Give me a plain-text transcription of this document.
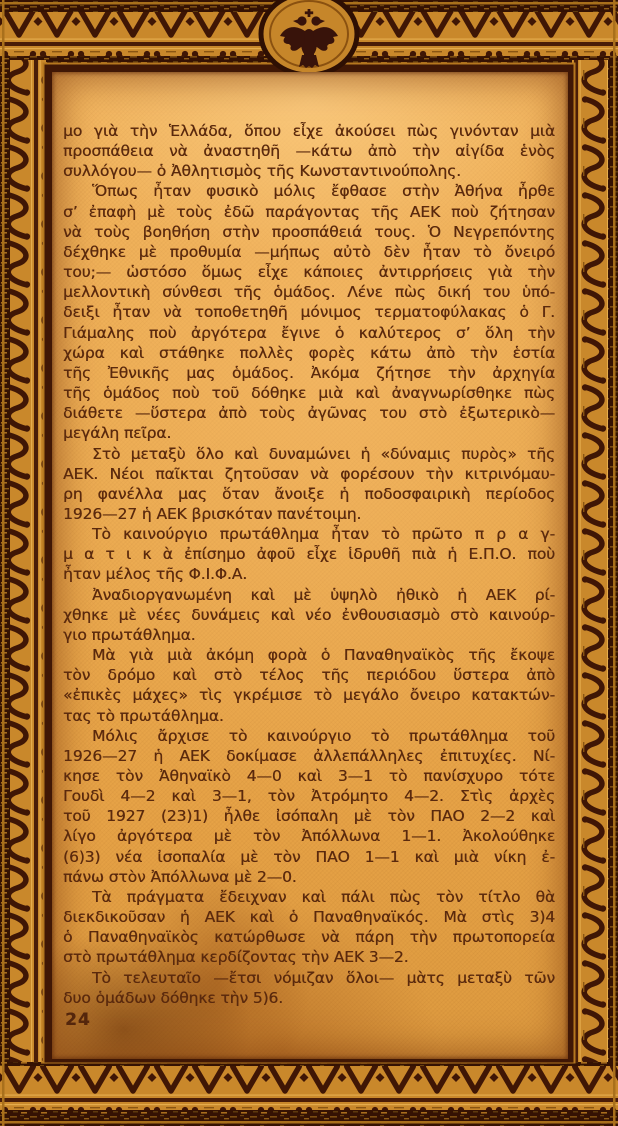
μο γιὰ τὴν Ἑλλάδα, ὅπου εἶχε ἀκούσει πὼς γινόνταν μιὰ
προσπάθεια νὰ ἀναστηθῆ —κάτω ἀπὸ τὴν αἰγίδα ἑνὸς
συλλόγου— ὁ Ἀθλητισμὸς τῆς Κωνσταντινούπολης.
Ὅπως ἦταν φυσικὸ μόλις ἔφθασε στὴν Ἀθήνα ἦρθε
σ’ ἐπαφὴ μὲ τοὺς ἐδῶ παράγοντας τῆς ΑΕΚ ποὺ ζήτησαν
νὰ τοὺς βοηθήση στὴν προσπάθειά τους. Ὁ Νεγρεπόντης
δέχθηκε μὲ προθυμία —μήπως αὐτὸ δὲν ἦταν τὸ ὄνειρό
του;— ὡστόσο ὅμως εἶχε κάποιες ἀντιρρήσεις γιὰ τὴν
μελλοντικὴ σύνθεσι τῆς ὁμάδος. Λένε πὼς δική του ὑπό-
δειξι ἦταν νὰ τοποθετηθῆ μόνιμος τερματοφύλακας ὁ Γ.
Γιάμαλης ποὺ ἀργότερα ἔγινε ὁ καλύτερος σ’ ὅλη τὴν
χώρα καὶ στάθηκε πολλὲς φορὲς κάτω ἀπὸ τὴν ἑστία
τῆς Ἐθνικῆς μας ὁμάδος. Ἀκόμα ζήτησε τὴν ἀρχηγία
τῆς ὁμάδος ποὺ τοῦ δόθηκε μιὰ καὶ ἀναγνωρίσθηκε πὼς
διάθετε —ὕστερα ἀπὸ τοὺς ἀγῶνας του στὸ ἐξωτερικὸ—
μεγάλη πεῖρα.
Στὸ μεταξὺ ὅλο καὶ δυναμώνει ἡ «δύναμις πυρὸς» τῆς
ΑΕΚ. Νέοι παῖκται ζητοῦσαν νὰ φορέσουν τὴν κιτρινόμαυ-
ρη φανέλλα μας ὅταν ἄνοιξε ἡ ποδοσφαιρικὴ περίοδος
1926—27 ἡ ΑΕΚ βρισκόταν πανέτοιμη.
Τὸ καινούργιο πρωτάθλημα ἦταν τὸ πρῶτο π ρ α γ-
μ α τ ι κ ὰ ἐπίσημο ἀφοῦ εἶχε ἱδρυθῆ πιὰ ἡ Ε.Π.Ο. ποὺ
ἦταν μέλος τῆς Φ.Ι.Φ.Α.
Ἀναδιοργανωμένη καὶ μὲ ὑψηλὸ ἠθικὸ ἡ ΑΕΚ ρί-
χθηκε μὲ νέες δυνάμεις καὶ νέο ἐνθουσιασμὸ στὸ καινούρ-
γιο πρωτάθλημα.
Μὰ γιὰ μιὰ ἀκόμη φορὰ ὁ Παναθηναϊκὸς τῆς ἔκοψε
τὸν δρόμο καὶ στὸ τέλος τῆς περιόδου ὕστερα ἀπὸ
«ἐπικὲς μάχες» τὶς γκρέμισε τὸ μεγάλο ὄνειρο κατακτών-
τας τὸ πρωτάθλημα.
Μόλις ἄρχισε τὸ καινούργιο τὸ πρωτάθλημα τοῦ
1926—27 ἡ ΑΕΚ δοκίμασε ἀλλεπάλληλες ἐπιτυχίες. Νί-
κησε τὸν Ἀθηναϊκὸ 4—0 καὶ 3—1 τὸ πανίσχυρο τότε
Γουδὶ 4—2 καὶ 3—1, τὸν Ἀτρόμητο 4—2. Στὶς ἀρχὲς
τοῦ 1927 (23)1) ἦλθε ἰσόπαλη μὲ τὸν ΠΑΟ 2—2 καὶ
λίγο ἀργότερα μὲ τὸν Ἀπόλλωνα 1—1. Ἀκολούθηκε
(6)3) νέα ἰσοπαλία μὲ τὸν ΠΑΟ 1—1 καὶ μιὰ νίκη ἐ-
πάνω στὸν Ἀπόλλωνα μὲ 2—0.
Τὰ πράγματα ἔδειχναν καὶ πάλι πὼς τὸν τίτλο θὰ
διεκδικοῦσαν ἡ ΑΕΚ καὶ ὁ Παναθηναϊκός. Μὰ στὶς 3)4
ὁ Παναθηναϊκὸς κατώρθωσε νὰ πάρη τὴν πρωτοπορεία
στὸ πρωτάθλημα κερδίζοντας τὴν ΑΕΚ 3—2.
Τὸ τελευταῖο —ἔτσι νόμιζαν ὅλοι— μὰτς μεταξὺ τῶν
δυο ὁμάδων δόθηκε τὴν 5)6.
24
